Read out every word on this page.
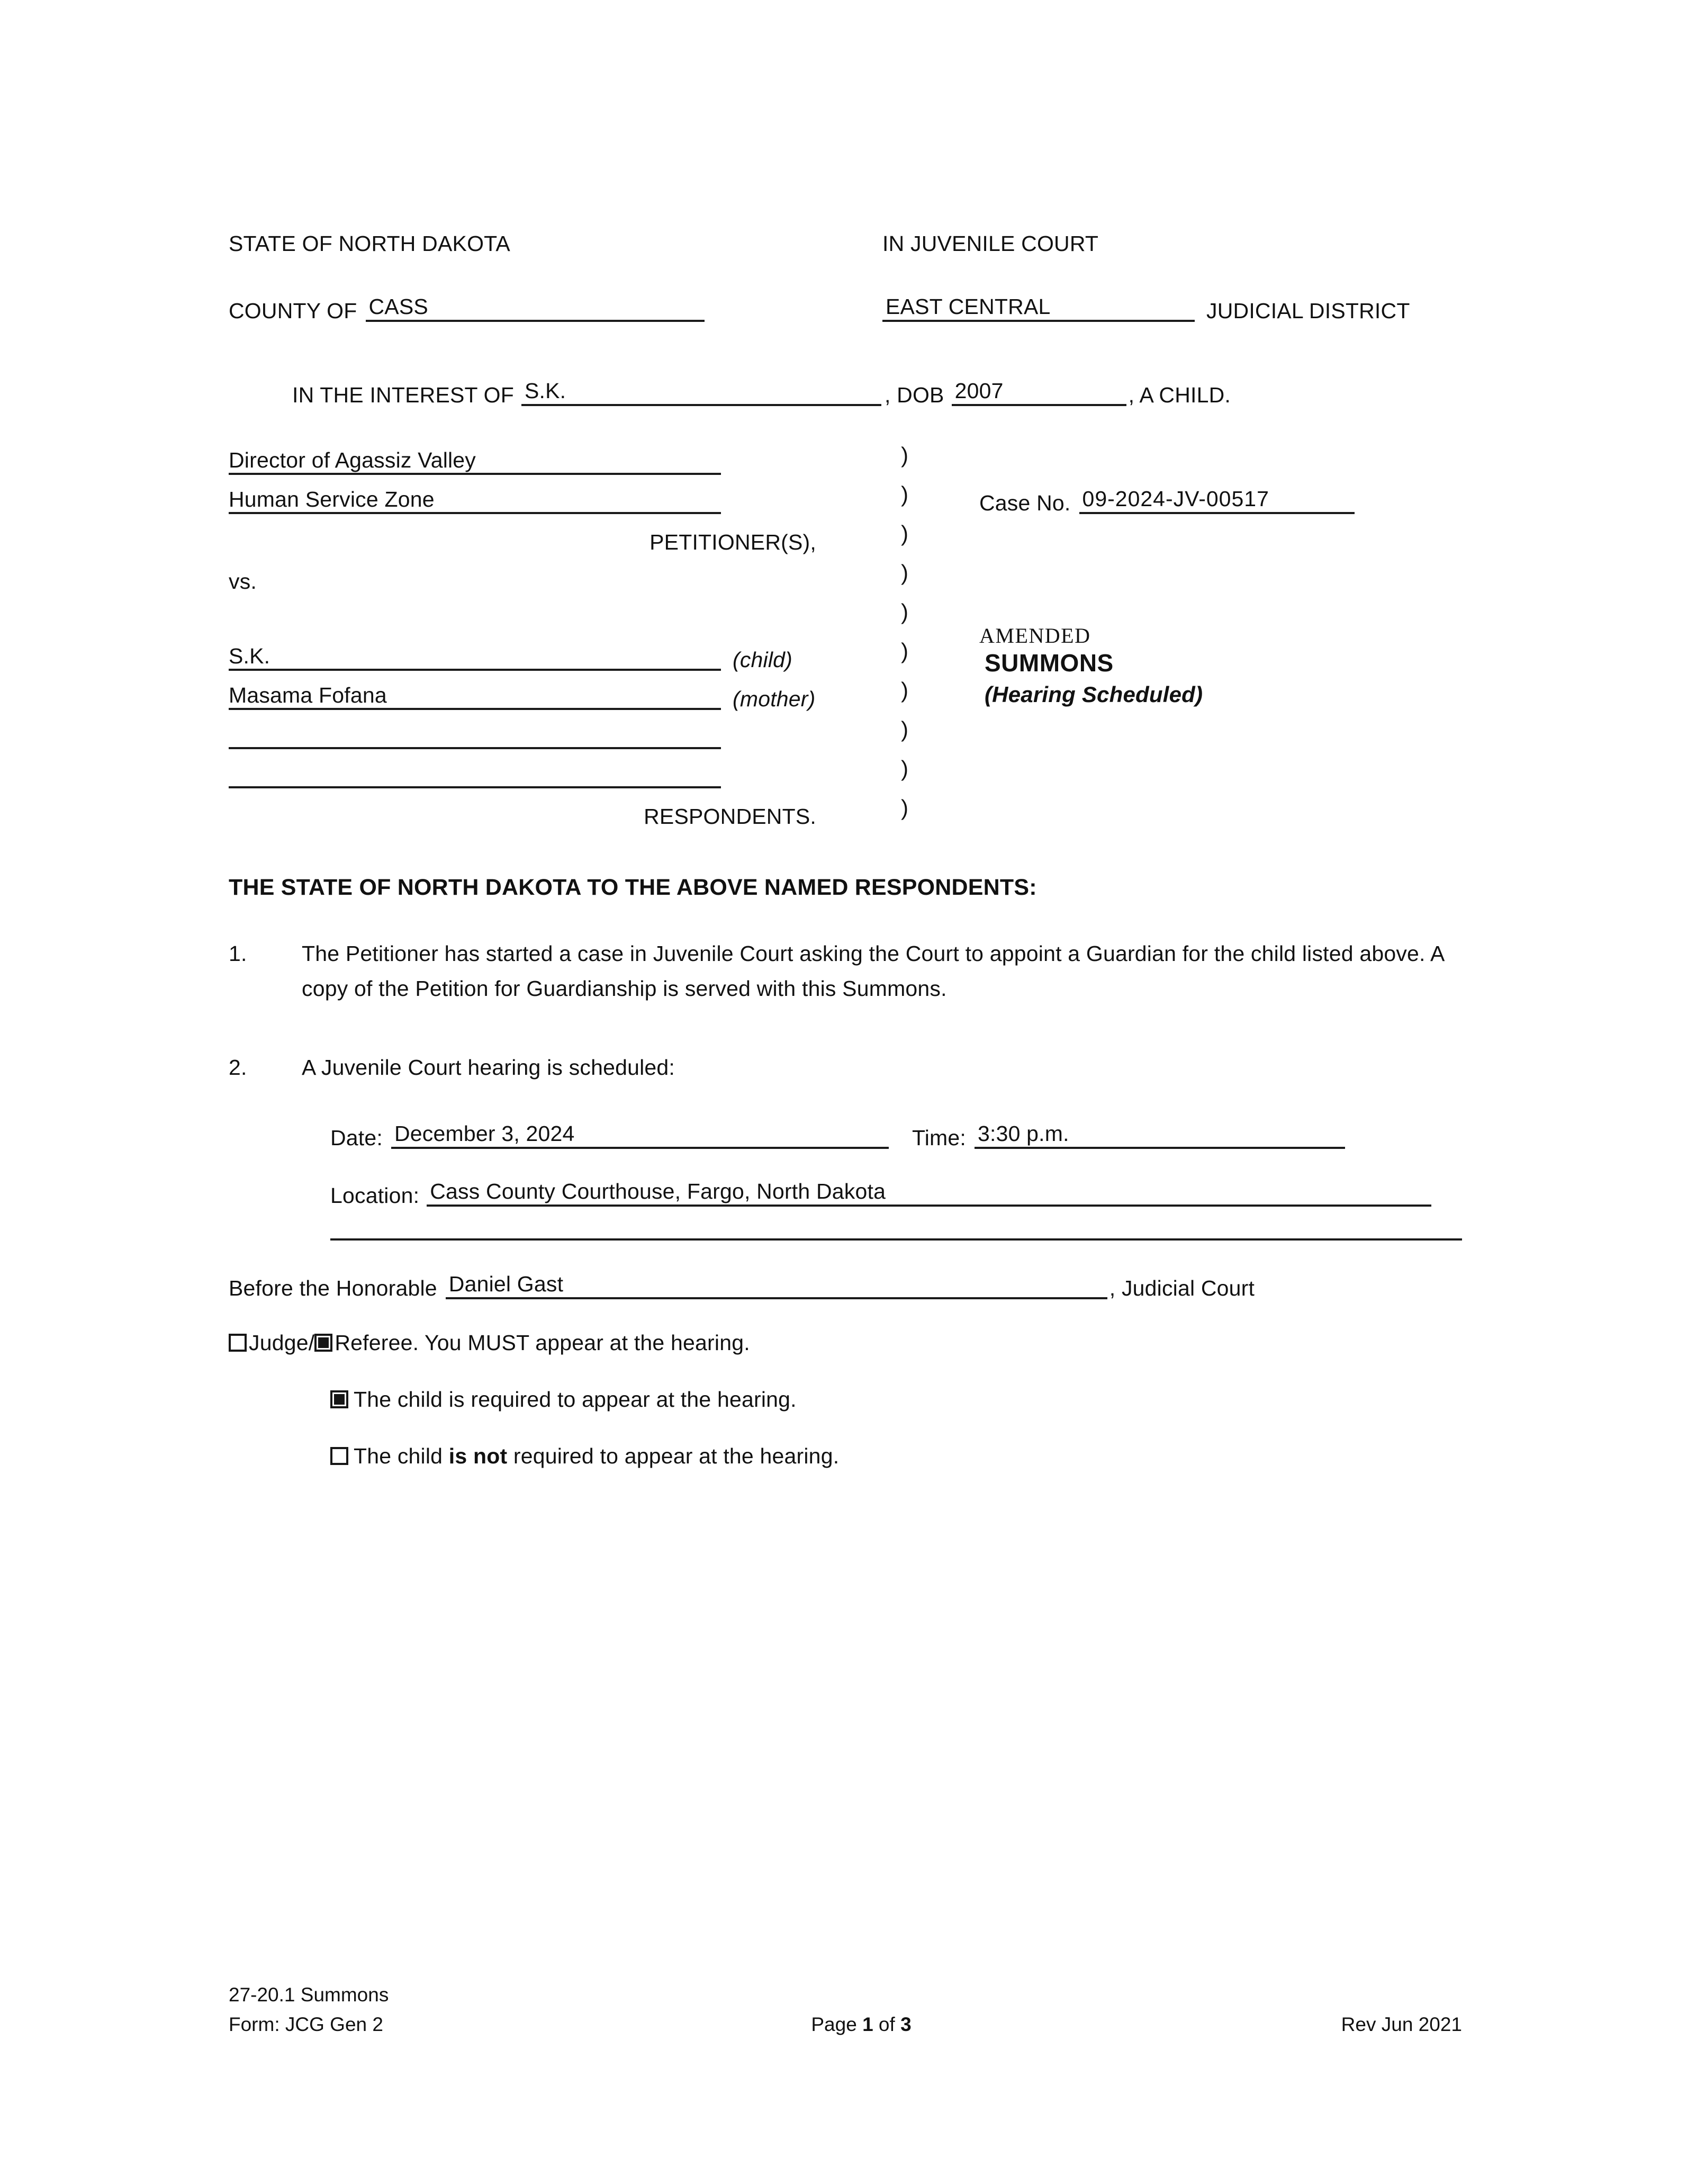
STATE OF NORTH DAKOTA	IN JUVENILE COURT
COUNTY OF CASS	EAST CENTRAL	JUDICIAL DISTRICT
IN THE INTEREST OF S.K.	, DOB 2007	, A CHILD.
Director of Agassiz Valley
Human Service Zone
PETITIONER(S),
vs.
S.K.	(child)
Masama Fofana	(mother)
RESPONDENTS.
)
)
)
)
)
)
)
)
)
)
Case No. 09-2024-JV-00517
AMENDED
SUMMONS
(Hearing Scheduled)
THE STATE OF NORTH DAKOTA TO THE ABOVE NAMED RESPONDENTS:
1.	The Petitioner has started a case in Juvenile Court asking the Court to appoint a Guardian for the child listed above. A copy of the Petition for Guardianship is served with this Summons.
2.	A Juvenile Court hearing is scheduled:
Date: December 3, 2024	Time: 3:30 p.m.
Location: Cass County Courthouse, Fargo, North Dakota
Before the Honorable Daniel Gast	, Judicial Court
Judge/ Referee. You MUST appear at the hearing.
The child is required to appear at the hearing.
The child is not required to appear at the hearing.
27-20.1 Summons
Form: JCG Gen 2	Page 1 of 3	Rev Jun 2021
